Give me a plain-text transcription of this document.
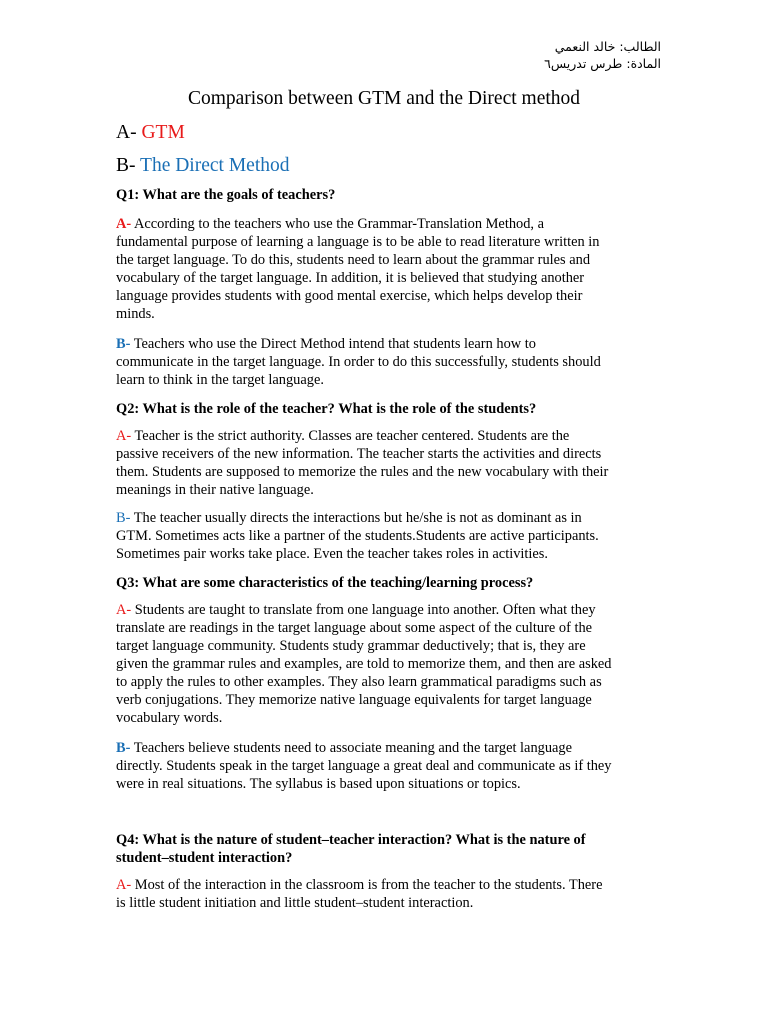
الطالب: خالد النعمي
المادة: طرس تدريس٦
Comparison between GTM and the Direct method
A- GTM
B- The Direct Method
Q1: What are the goals of teachers?
A- According to the teachers who use the Grammar-Translation Method, a
fundamental purpose of learning a language is to be able to read literature written in
the target language. To do this, students need to learn about the grammar rules and
vocabulary of the target language. In addition, it is believed that studying another
language provides students with good mental exercise, which helps develop their
minds.
B- Teachers who use the Direct Method intend that students learn how to
communicate in the target language. In order to do this successfully, students should
learn to think in the target language.
Q2: What is the role of the teacher? What is the role of the students?
A- Teacher is the strict authority. Classes are teacher centered. Students are the
passive receivers of the new information. The teacher starts the activities and directs
them. Students are supposed to memorize the rules and the new vocabulary with their
meanings in their native language.
B- The teacher usually directs the interactions but he/she is not as dominant as in
GTM. Sometimes acts like a partner of the students.Students are active participants.
Sometimes pair works take place. Even the teacher takes roles in activities.
Q3: What are some characteristics of the teaching/learning process?
A- Students are taught to translate from one language into another. Often what they
translate are readings in the target language about some aspect of the culture of the
target language community. Students study grammar deductively; that is, they are
given the grammar rules and examples, are told to memorize them, and then are asked
to apply the rules to other examples. They also learn grammatical paradigms such as
verb conjugations. They memorize native language equivalents for target language
vocabulary words.
B- Teachers believe students need to associate meaning and the target language
directly. Students speak in the target language a great deal and communicate as if they
were in real situations. The syllabus is based upon situations or topics.
Q4: What is the nature of student–teacher interaction? What is the nature of
student–student interaction?
A- Most of the interaction in the classroom is from the teacher to the students. There
is little student initiation and little student–student interaction.
